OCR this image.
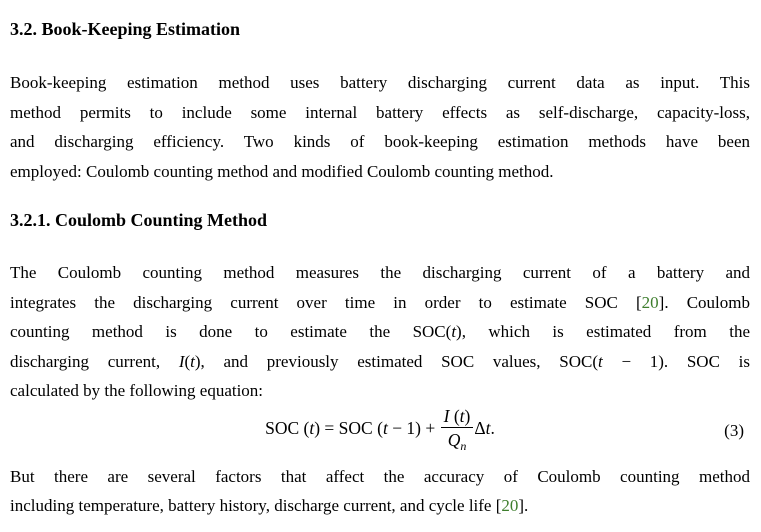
3.2. Book-Keeping Estimation
Book-keeping estimation method uses battery discharging current data as input. This
method permits to include some internal battery effects as self-discharge, capacity-loss,
and discharging efficiency. Two kinds of book-keeping estimation methods have been
employed: Coulomb counting method and modified Coulomb counting method.
3.2.1. Coulomb Counting Method
The Coulomb counting method measures the discharging current of a battery and
integrates the discharging current over time in order to estimate SOC [20]. Coulomb
counting method is done to estimate the SOC(t), which is estimated from the
discharging current, I(t), and previously estimated SOC values, SOC(t − 1). SOC is
calculated by the following equation:
SOC (t) = SOC $(t - 1) + \frac{I (t)}{Q_n} \Delta t$.	(3)
But there are several factors that affect the accuracy of Coulomb counting method
including temperature, battery history, discharge current, and cycle life [20].
